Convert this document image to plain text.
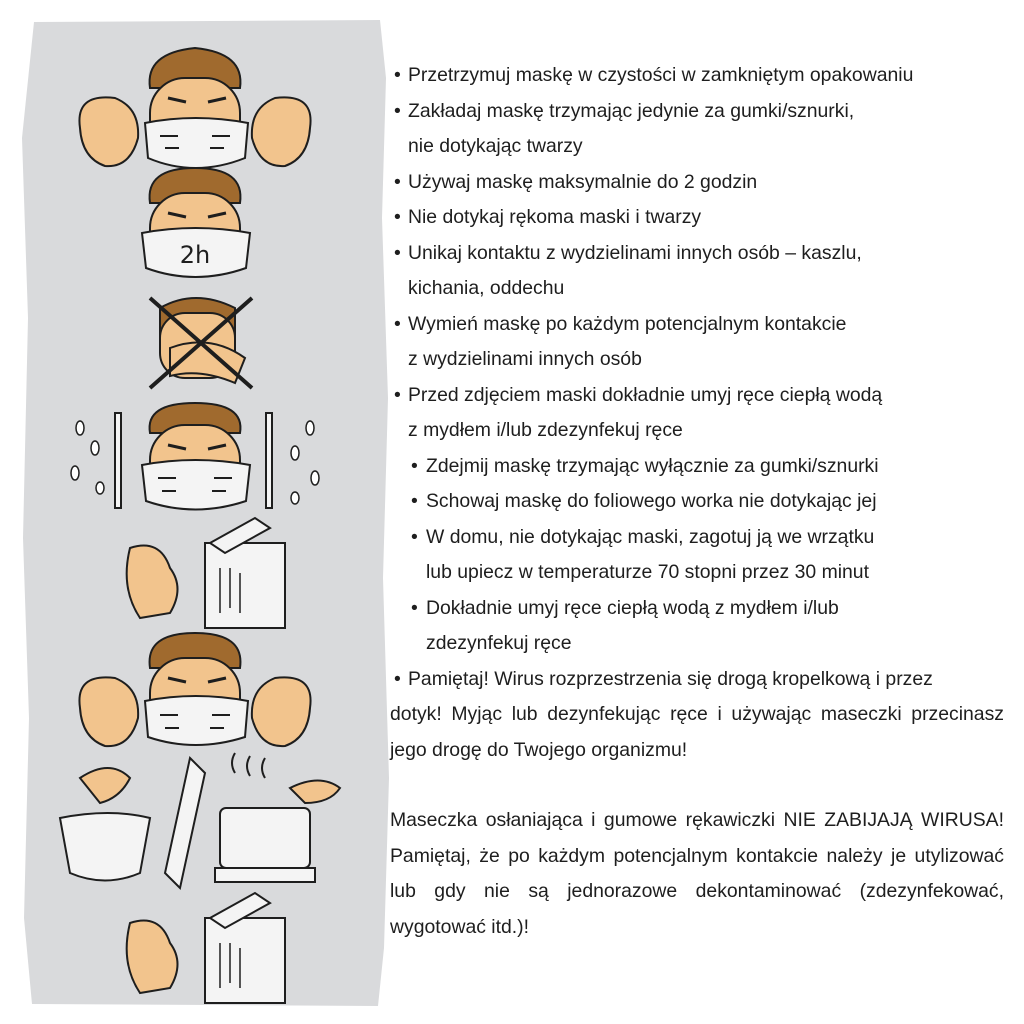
2h
• Przetrzymuj maskę w czystości w zamkniętym opakowaniu
• Zakładaj maskę trzymając jedynie za gumki/sznurki,
nie dotykając twarzy
• Używaj maskę maksymalnie do 2 godzin
• Nie dotykaj rękoma maski i twarzy
• Unikaj kontaktu z wydzielinami innych osób – kaszlu,
kichania, oddechu
• Wymień maskę po każdym potencjalnym kontakcie
z wydzielinami innych osób
• Przed zdjęciem maski dokładnie umyj ręce ciepłą wodą
z mydłem i/lub zdezynfekuj ręce
• Zdejmij maskę trzymając wyłącznie za gumki/sznurki
• Schowaj maskę do foliowego worka nie dotykając jej
• W domu, nie dotykając maski, zagotuj ją we wrzątku
lub upiecz w temperaturze 70 stopni przez 30 minut
• Dokładnie umyj ręce ciepłą wodą z mydłem i/lub
zdezynfekuj ręce
• Pamiętaj! Wirus rozprzestrzenia się drogą kropelkową i przez
dotyk! Myjąc lub dezynfekując ręce i używając maseczki przecinasz jego drogę do Twojego organizmu!
Maseczka osłaniająca i gumowe rękawiczki NIE ZABIJAJĄ WIRUSA! Pamiętaj, że po każdym potencjalnym kontakcie należy je utylizować lub gdy nie są jednorazowe dekontaminować (zdezynfekować, wygotować itd.)!
